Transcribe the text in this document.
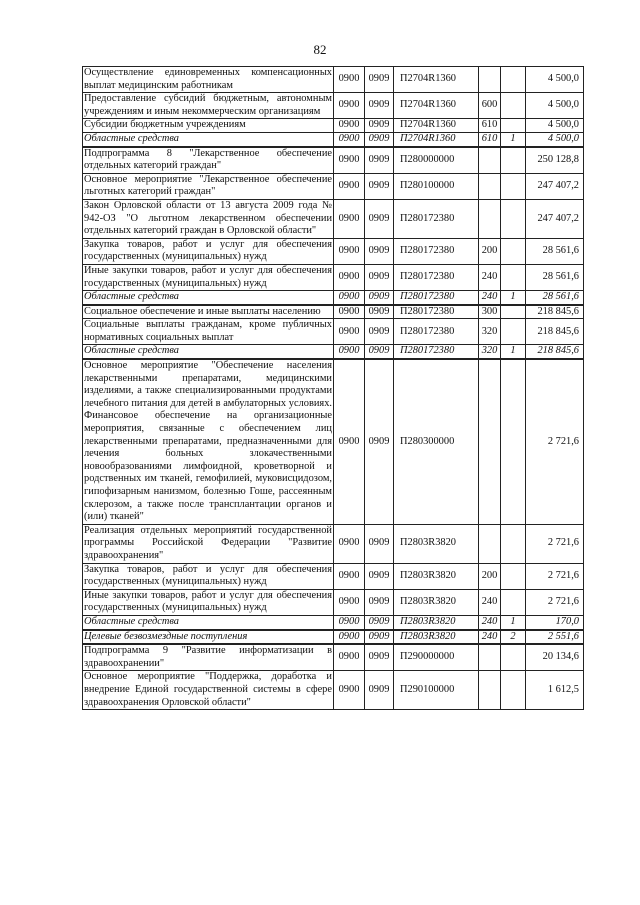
82
Осуществление единовременных компенсационных выплат медицинским работникам	0900	0909	П2704R1360			4 500,0
Предоставление субсидий бюджетным, автономным учреждениям и иным некоммерческим организациям	0900	0909	П2704R1360	600		4 500,0
Субсидии бюджетным учреждениям	0900	0909	П2704R1360	610		4 500,0
Областные средства	0900	0909	П2704R1360	610	1	4 500,0
Подпрограмма 8 "Лекарственное обеспечение отдельных категорий граждан"	0900	0909	П280000000			250 128,8
Основное мероприятие "Лекарственное обеспечение льготных категорий граждан"	0900	0909	П280100000			247 407,2
Закон Орловской области от 13 августа 2009 года № 942-ОЗ "О льготном лекарственном обеспечении отдельных категорий граждан в Орловской области"	0900	0909	П280172380			247 407,2
Закупка товаров, работ и услуг для обеспечения государственных (муниципальных) нужд	0900	0909	П280172380	200		28 561,6
Иные закупки товаров, работ и услуг для обеспечения государственных (муниципальных) нужд	0900	0909	П280172380	240		28 561,6
Областные средства	0900	0909	П280172380	240	1	28 561,6
Социальное обеспечение и иные выплаты населению	0900	0909	П280172380	300		218 845,6
Социальные выплаты гражданам, кроме публичных нормативных социальных выплат	0900	0909	П280172380	320		218 845,6
Областные средства	0900	0909	П280172380	320	1	218 845,6
Основное мероприятие "Обеспечение населения лекарственными препаратами, медицинскими изделиями, а также специализированными продуктами лечебного питания для детей в амбулаторных условиях. Финансовое обеспечение на организационные мероприятия, связанные с обеспечением лиц лекарственными препаратами, предназначенными для лечения больных злокачественными новообразованиями лимфоидной, кроветворной и родственных им тканей, гемофилией, муковисцидозом, гипофизарным нанизмом, болезнью Гоше, рассеянным склерозом, а также после трансплантации органов и (или) тканей"	0900	0909	П280300000			2 721,6
Реализация отдельных мероприятий государственной программы Российской Федерации "Развитие здравоохранения"	0900	0909	П2803R3820			2 721,6
Закупка товаров, работ и услуг для обеспечения государственных (муниципальных) нужд	0900	0909	П2803R3820	200		2 721,6
Иные закупки товаров, работ и услуг для обеспечения государственных (муниципальных) нужд	0900	0909	П2803R3820	240		2 721,6
Областные средства	0900	0909	П2803R3820	240	1	170,0
Целевые безвозмездные поступления	0900	0909	П2803R3820	240	2	2 551,6
Подпрограмма 9 "Развитие информатизации в здравоохранении"	0900	0909	П290000000			20 134,6
Основное мероприятие "Поддержка, доработка и внедрение Единой государственной системы в сфере здравоохранения Орловской области"	0900	0909	П290100000			1 612,5
